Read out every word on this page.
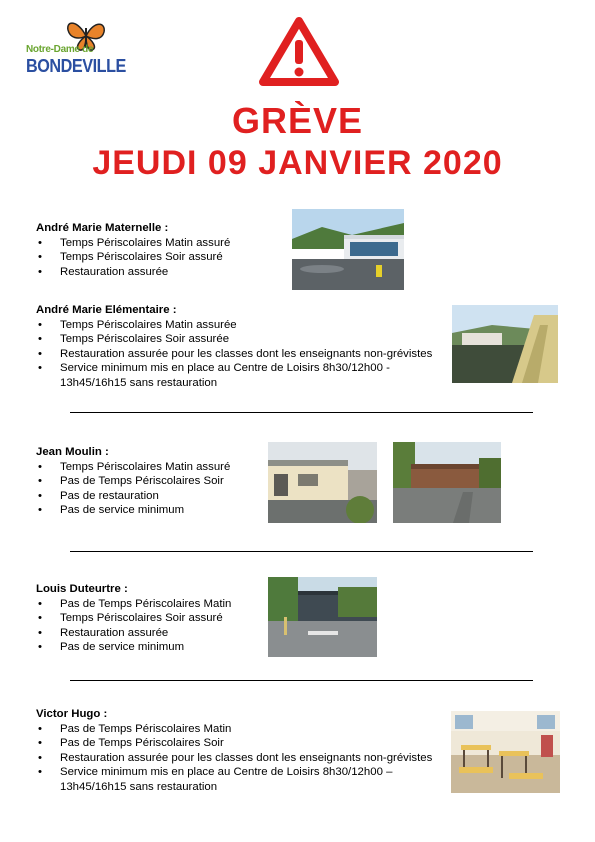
Notre-Dame de
BONDEVILLE
GRÈVE
JEUDI 09 JANVIER 2020
André Marie Maternelle :
• Temps Périscolaires Matin assuré
• Temps Périscolaires Soir assuré
• Restauration assurée
André Marie Elémentaire :
• Temps Périscolaires Matin assurée
• Temps Périscolaires Soir assurée
• Restauration assurée pour les classes dont les enseignants non-grévistes
• Service minimum mis en place au Centre de Loisirs 8h30/12h00 -
13h45/16h15 sans restauration
Jean Moulin :
• Temps Périscolaires Matin assuré
• Pas de Temps Périscolaires Soir
• Pas de restauration
• Pas de service minimum
Louis Duteurtre :
• Pas de Temps Périscolaires Matin
• Temps Périscolaires Soir assuré
• Restauration assurée
• Pas de service minimum
Victor Hugo :
• Pas de Temps Périscolaires Matin
• Pas de Temps Périscolaires Soir
• Restauration assurée pour les classes dont les enseignants non-grévistes
• Service minimum mis en place au Centre de Loisirs 8h30/12h00 –
13h45/16h15 sans restauration
